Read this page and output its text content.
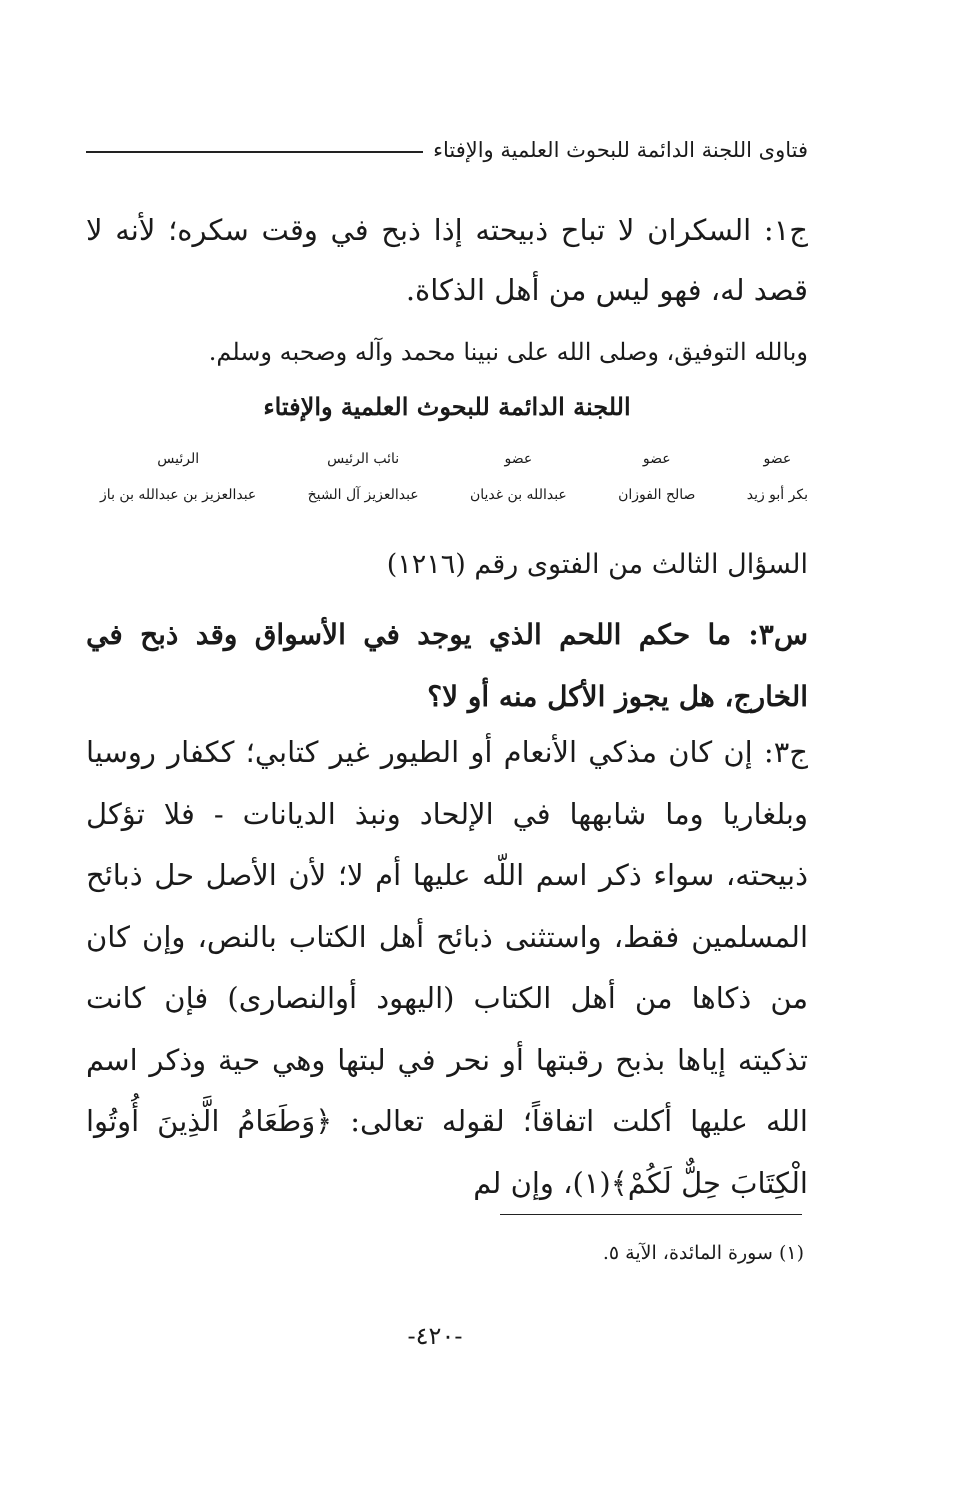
فتاوى اللجنة الدائمة للبحوث العلمية والإفتاء

ج١: السكران لا تباح ذبيحته إذا ذبح في وقت سكره؛ لأنه لا قصد له، فهو ليس من أهل الذكاة.

وبالله التوفيق، وصلى الله على نبينا محمد وآله وصحبه وسلم.

اللجنة الدائمة للبحوث العلمية والإفتاء
عضو
بكر أبو زيد
عضو
صالح الفوزان
عضو
عبدالله بن غديان
نائب الرئيس
عبدالعزيز آل الشيخ
الرئيس
عبدالعزيز بن عبدالله بن باز

السؤال الثالث من الفتوى رقم (١٢١٦)

س٣: ما حكم اللحم الذي يوجد في الأسواق وقد ذبح في الخارج، هل يجوز الأكل منه أو لا؟

ج٣: إن كان مذكي الأنعام أو الطيور غير كتابي؛ ككفار روسيا وبلغاريا وما شابهها في الإلحاد ونبذ الديانات - فلا تؤكل ذبيحته، سواء ذكر اسم اللّه عليها أم لا؛ لأن الأصل حل ذبائح المسلمين فقط، واستثنى ذبائح أهل الكتاب بالنص، وإن كان من ذكاها من أهل الكتاب (اليهود أوالنصارى) فإن كانت تذكيته إياها بذبح رقبتها أو نحر في لبتها وهي حية وذكر اسم الله عليها أكلت اتفاقاً؛ لقوله تعالى: ﴿وَطَعَامُ الَّذِينَ أُوتُوا الْكِتَابَ حِلٌّ لَكُمْ﴾(١)، وإن لم

(١) سورة المائدة، الآية ٥.

-٤٢٠-
